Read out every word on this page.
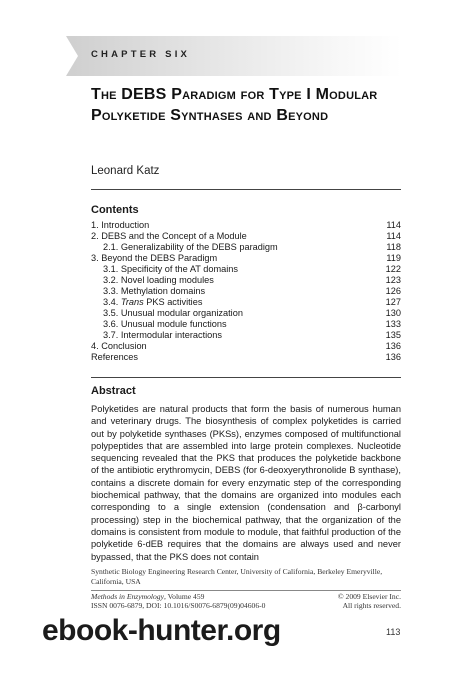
CHAPTER SIX
The DEBS Paradigm for Type I Modular Polyketide Synthases and Beyond
Leonard Katz
Contents
1. Introduction	114
2. DEBS and the Concept of a Module	114
2.1. Generalizability of the DEBS paradigm	118
3. Beyond the DEBS Paradigm	119
3.1. Specificity of the AT domains	122
3.2. Novel loading modules	123
3.3. Methylation domains	126
3.4. Trans PKS activities	127
3.5. Unusual modular organization	130
3.6. Unusual module functions	133
3.7. Intermodular interactions	135
4. Conclusion	136
References	136
Abstract

Polyketides are natural products that form the basis of numerous human and veterinary drugs. The biosynthesis of complex polyketides is carried out by polyketide synthases (PKSs), enzymes composed of multifunctional polypeptides that are assembled into large protein complexes. Nucleotide sequencing revealed that the PKS that produces the polyketide backbone of the antibiotic erythromycin, DEBS (for 6-deoxyerythronolide B synthase), contains a discrete domain for every enzymatic step of the corresponding biochemical pathway, that the domains are organized into modules each corresponding to a single extension (condensation and β-carbonyl processing) step in the biochemical pathway, that the organization of the domains is consistent from module to module, that faithful production of the polyketide 6-dEB requires that the domains are always used and never bypassed, that the PKS does not contain

Synthetic Biology Engineering Research Center, University of California, Berkeley Emeryville, California, USA
Methods in Enzymology, Volume 459	© 2009 Elsevier Inc.
ISSN 0076-6879, DOI: 10.1016/S0076-6879(09)04606-0	All rights reserved.
113
ebook-hunter.org
